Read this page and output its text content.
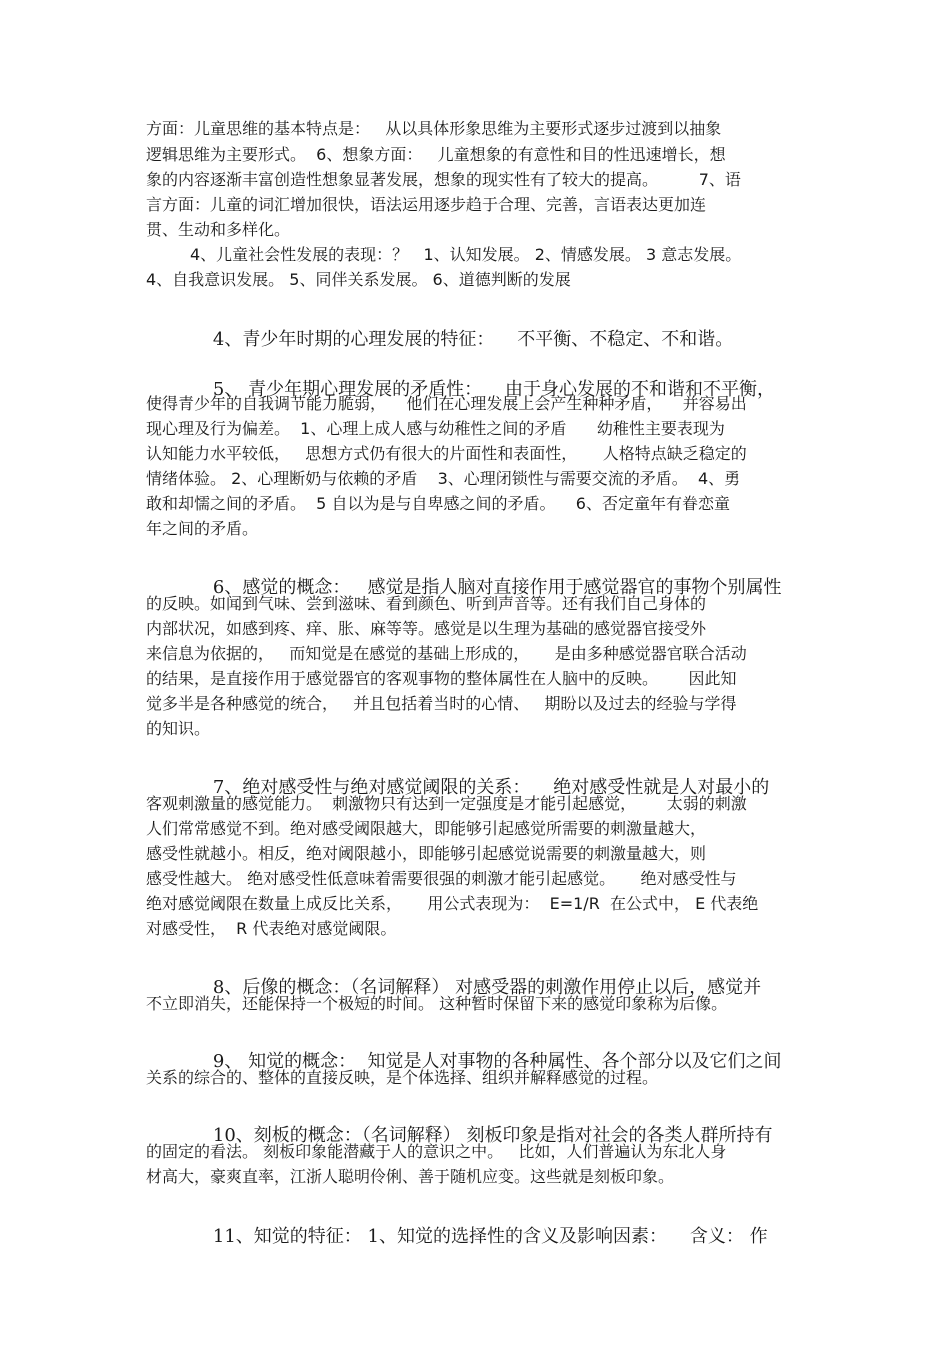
方面：儿童思维的基本特点是：   从以具体形象思维为主要形式逐步过渡到以抽象
逻辑思维为主要形式。  6、想象方面：   儿童想象的有意性和目的性迅速增长，想
象的内容逐渐丰富创造性想象显著发展，想象的现实性有了较大的提高。        7、语
言方面：儿童的词汇增加很快，语法运用逐步趋于合理、完善，言语表达更加连
贯、生动和多样化。
4、儿童社会性发展的表现：？   1、认知发展。 2、情感发展。 3 意志发展。
4、自我意识发展。 5、同伴关系发展。 6、道德判断的发展

4、青少年时期的心理发展的特征：    不平衡、不稳定、不和谐。

5、 青少年期心理发展的矛盾性：    由于身心发展的不和谐和不平衡，

使得青少年的自我调节能力脆弱，    他们在心理发展上会产生种种矛盾，    并容易出
现心理及行为偏差。  1、心理上成人感与幼稚性之间的矛盾      幼稚性主要表现为
认知能力水平较低，   思想方式仍有很大的片面性和表面性，     人格特点缺乏稳定的
情绪体验。 2、心理断奶与依赖的矛盾    3、心理闭锁性与需要交流的矛盾。  4、勇
敢和却懦之间的矛盾。  5 自以为是与自卑感之间的矛盾。    6、否定童年有眷恋童
年之间的矛盾。

6、感觉的概念：   感觉是指人脑对直接作用于感觉器官的事物个别属性

的反映。如闻到气味、尝到滋味、看到颜色、听到声音等。还有我们自己身体的
内部状况，如感到疼、痒、胀、麻等等。感觉是以生理为基础的感觉器官接受外
来信息为依据的，   而知觉是在感觉的基础上形成的，     是由多种感觉器官联合活动
的结果，是直接作用于感觉器官的客观事物的整体属性在人脑中的反映。      因此知
觉多半是各种感觉的统合，   并且包括着当时的心情、   期盼以及过去的经验与学得
的知识。

7、绝对感受性与绝对感觉阈限的关系：    绝对感受性就是人对最小的

客观刺激量的感觉能力。  刺激物只有达到一定强度是才能引起感觉，      太弱的刺激
人们常常感觉不到。绝对感受阈限越大，即能够引起感觉所需要的刺激量越大，
感受性就越小。相反，绝对阈限越小，即能够引起感觉说需要的刺激量越大，则
感受性越大。 绝对感受性低意味着需要很强的刺激才能引起感觉。     绝对感受性与
绝对感觉阈限在数量上成反比关系，     用公式表现为：  E=1/R  在公式中， E 代表绝
对感受性，  R 代表绝对感觉阈限。

8、后像的概念：（名词解释） 对感受器的刺激作用停止以后，感觉并

不立即消失，还能保持一个极短的时间。 这种暂时保留下来的感觉印象称为后像。

9、 知觉的概念：  知觉是人对事物的各种属性、各个部分以及它们之间

关系的综合的、整体的直接反映，是个体选择、组织并解释感觉的过程。

10、刻板的概念：（名词解释） 刻板印象是指对社会的各类人群所持有

的固定的看法。 刻板印象能潜藏于人的意识之中。   比如，人们普遍认为东北人身
材高大，豪爽直率，江浙人聪明伶俐、善于随机应变。这些就是刻板印象。

11、知觉的特征： 1、知觉的选择性的含义及影响因素：    含义： 作
